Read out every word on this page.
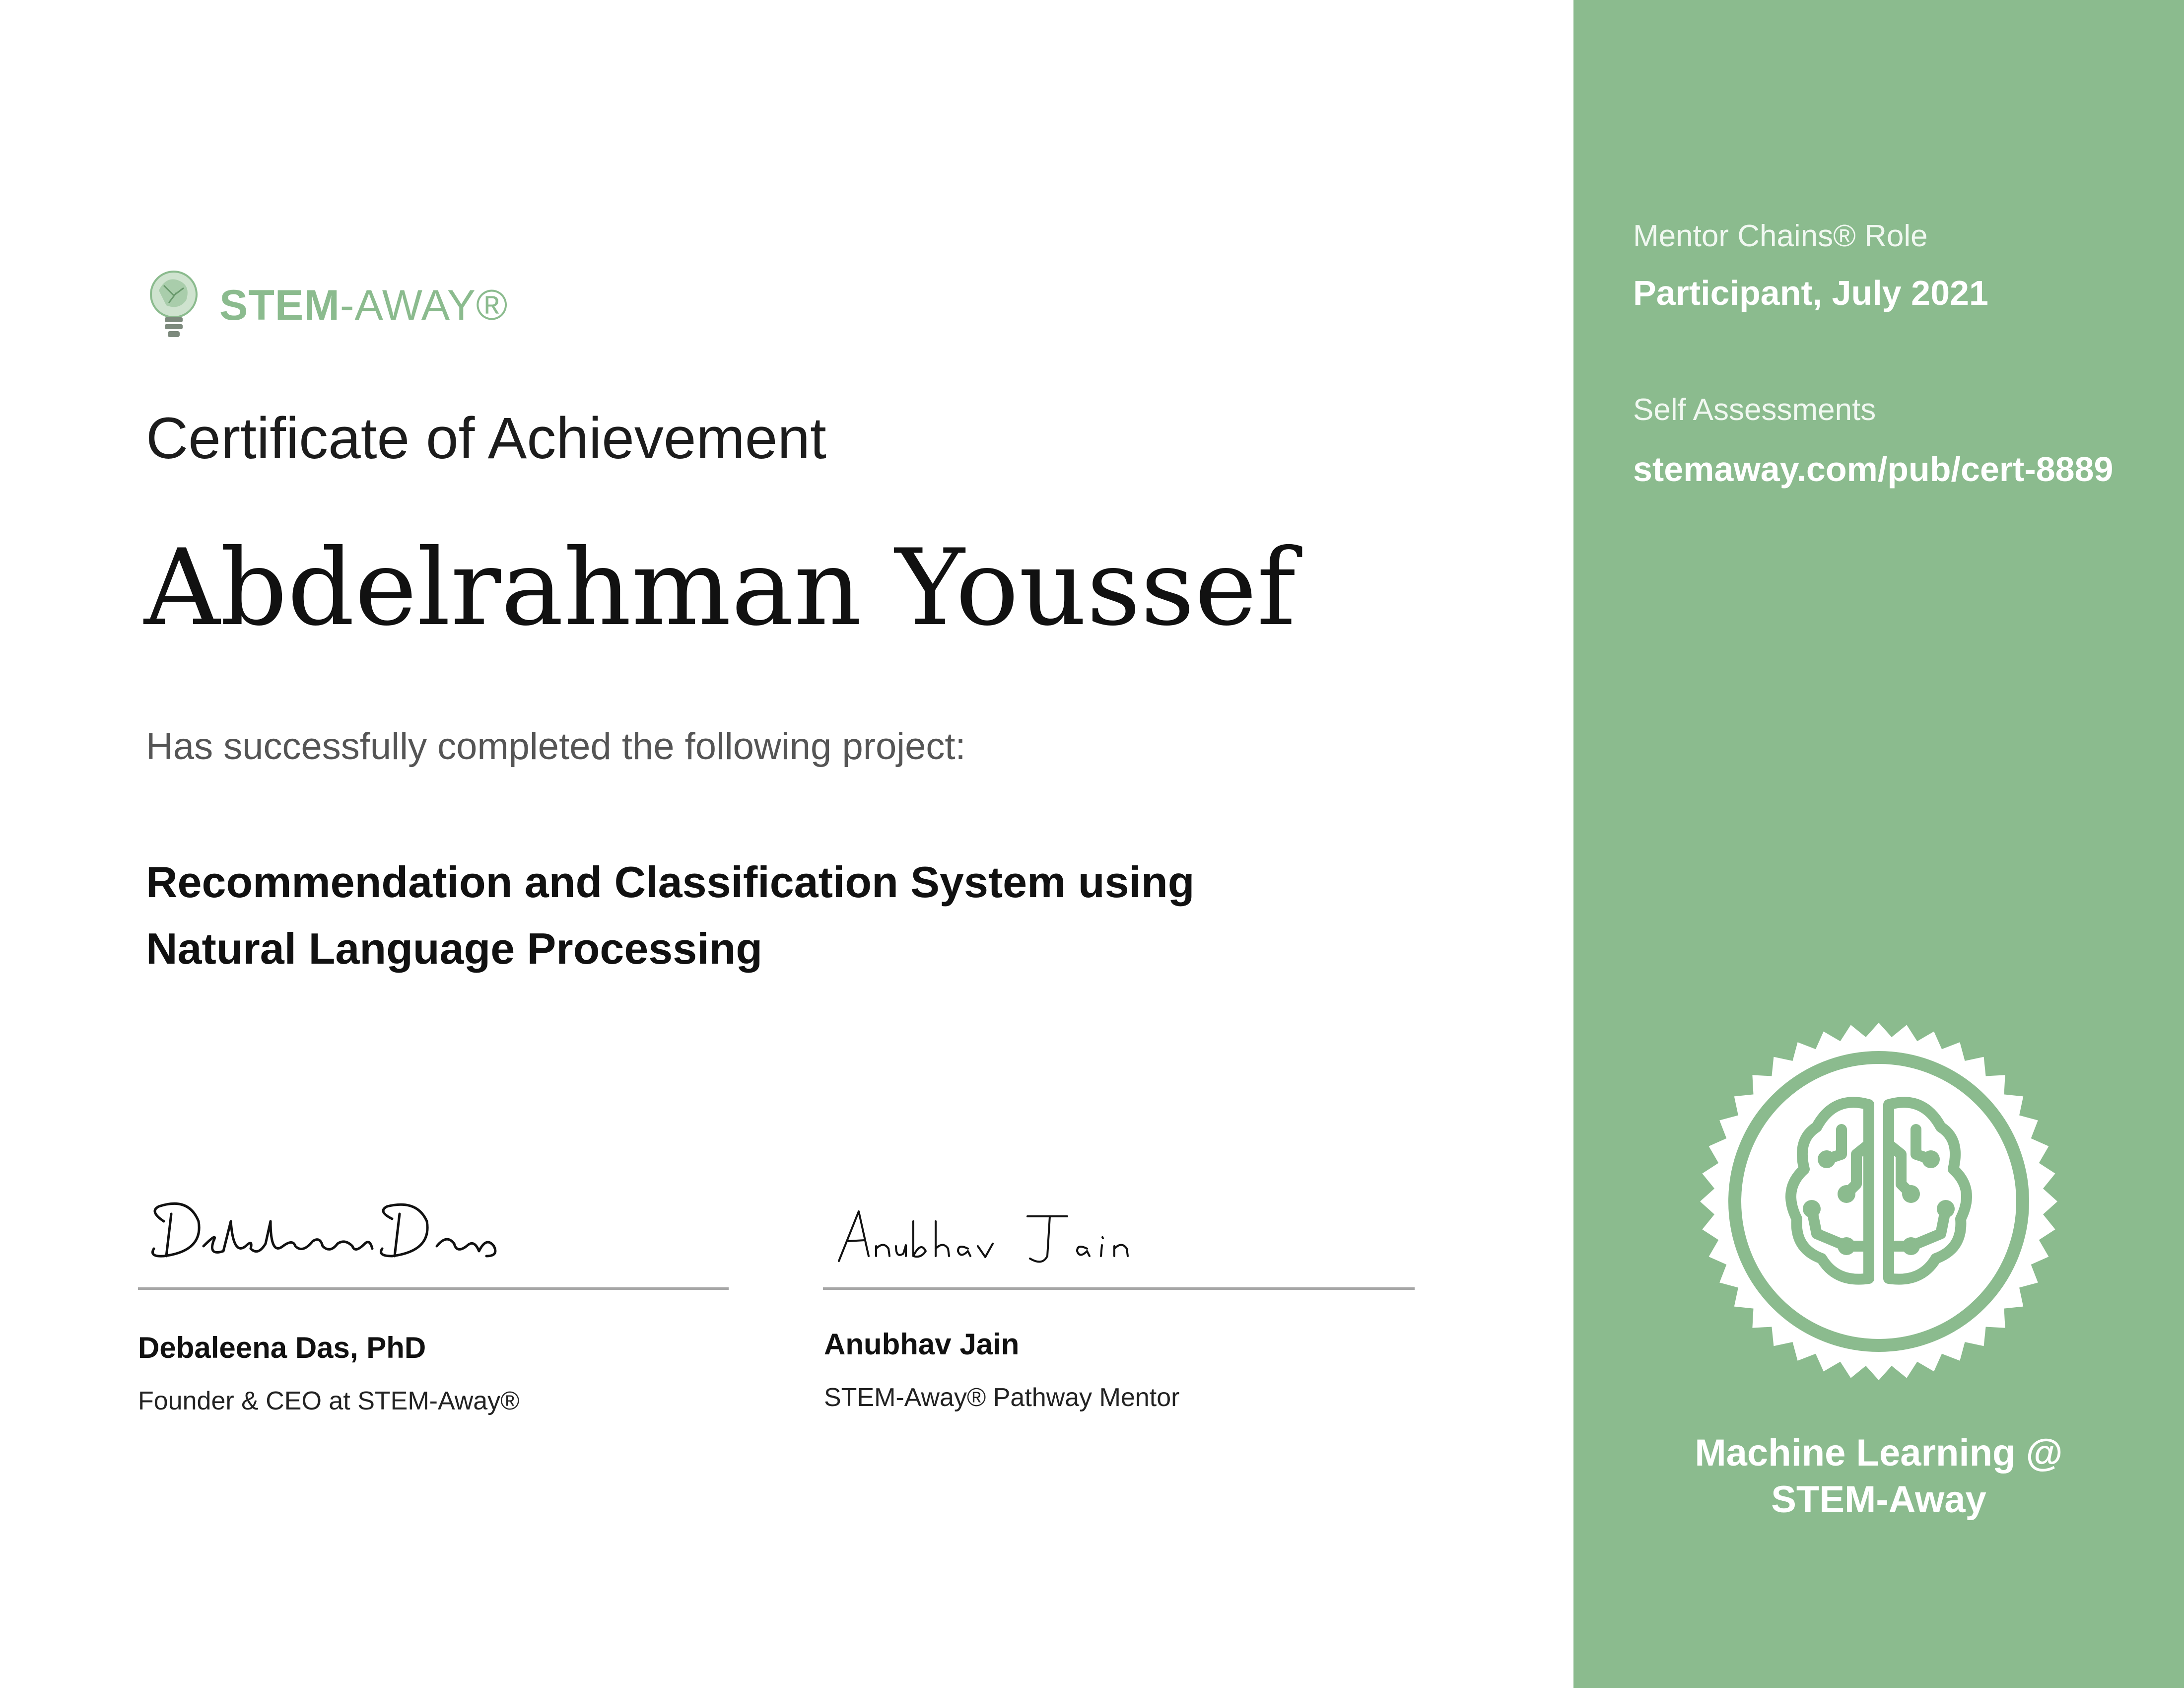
STEM-AWAY®
Certificate of Achievement
Abdelrahman Youssef
Has successfully completed the following project:
Recommendation and Classification System using
Natural Language Processing
Debaleena Das, PhD
Founder & CEO at STEM-Away®
Anubhav Jain
STEM-Away® Pathway Mentor
Mentor Chains® Role
Participant, July 2021
Self Assessments
stemaway.com/pub/cert-8889
Machine Learning @
STEM-Away
